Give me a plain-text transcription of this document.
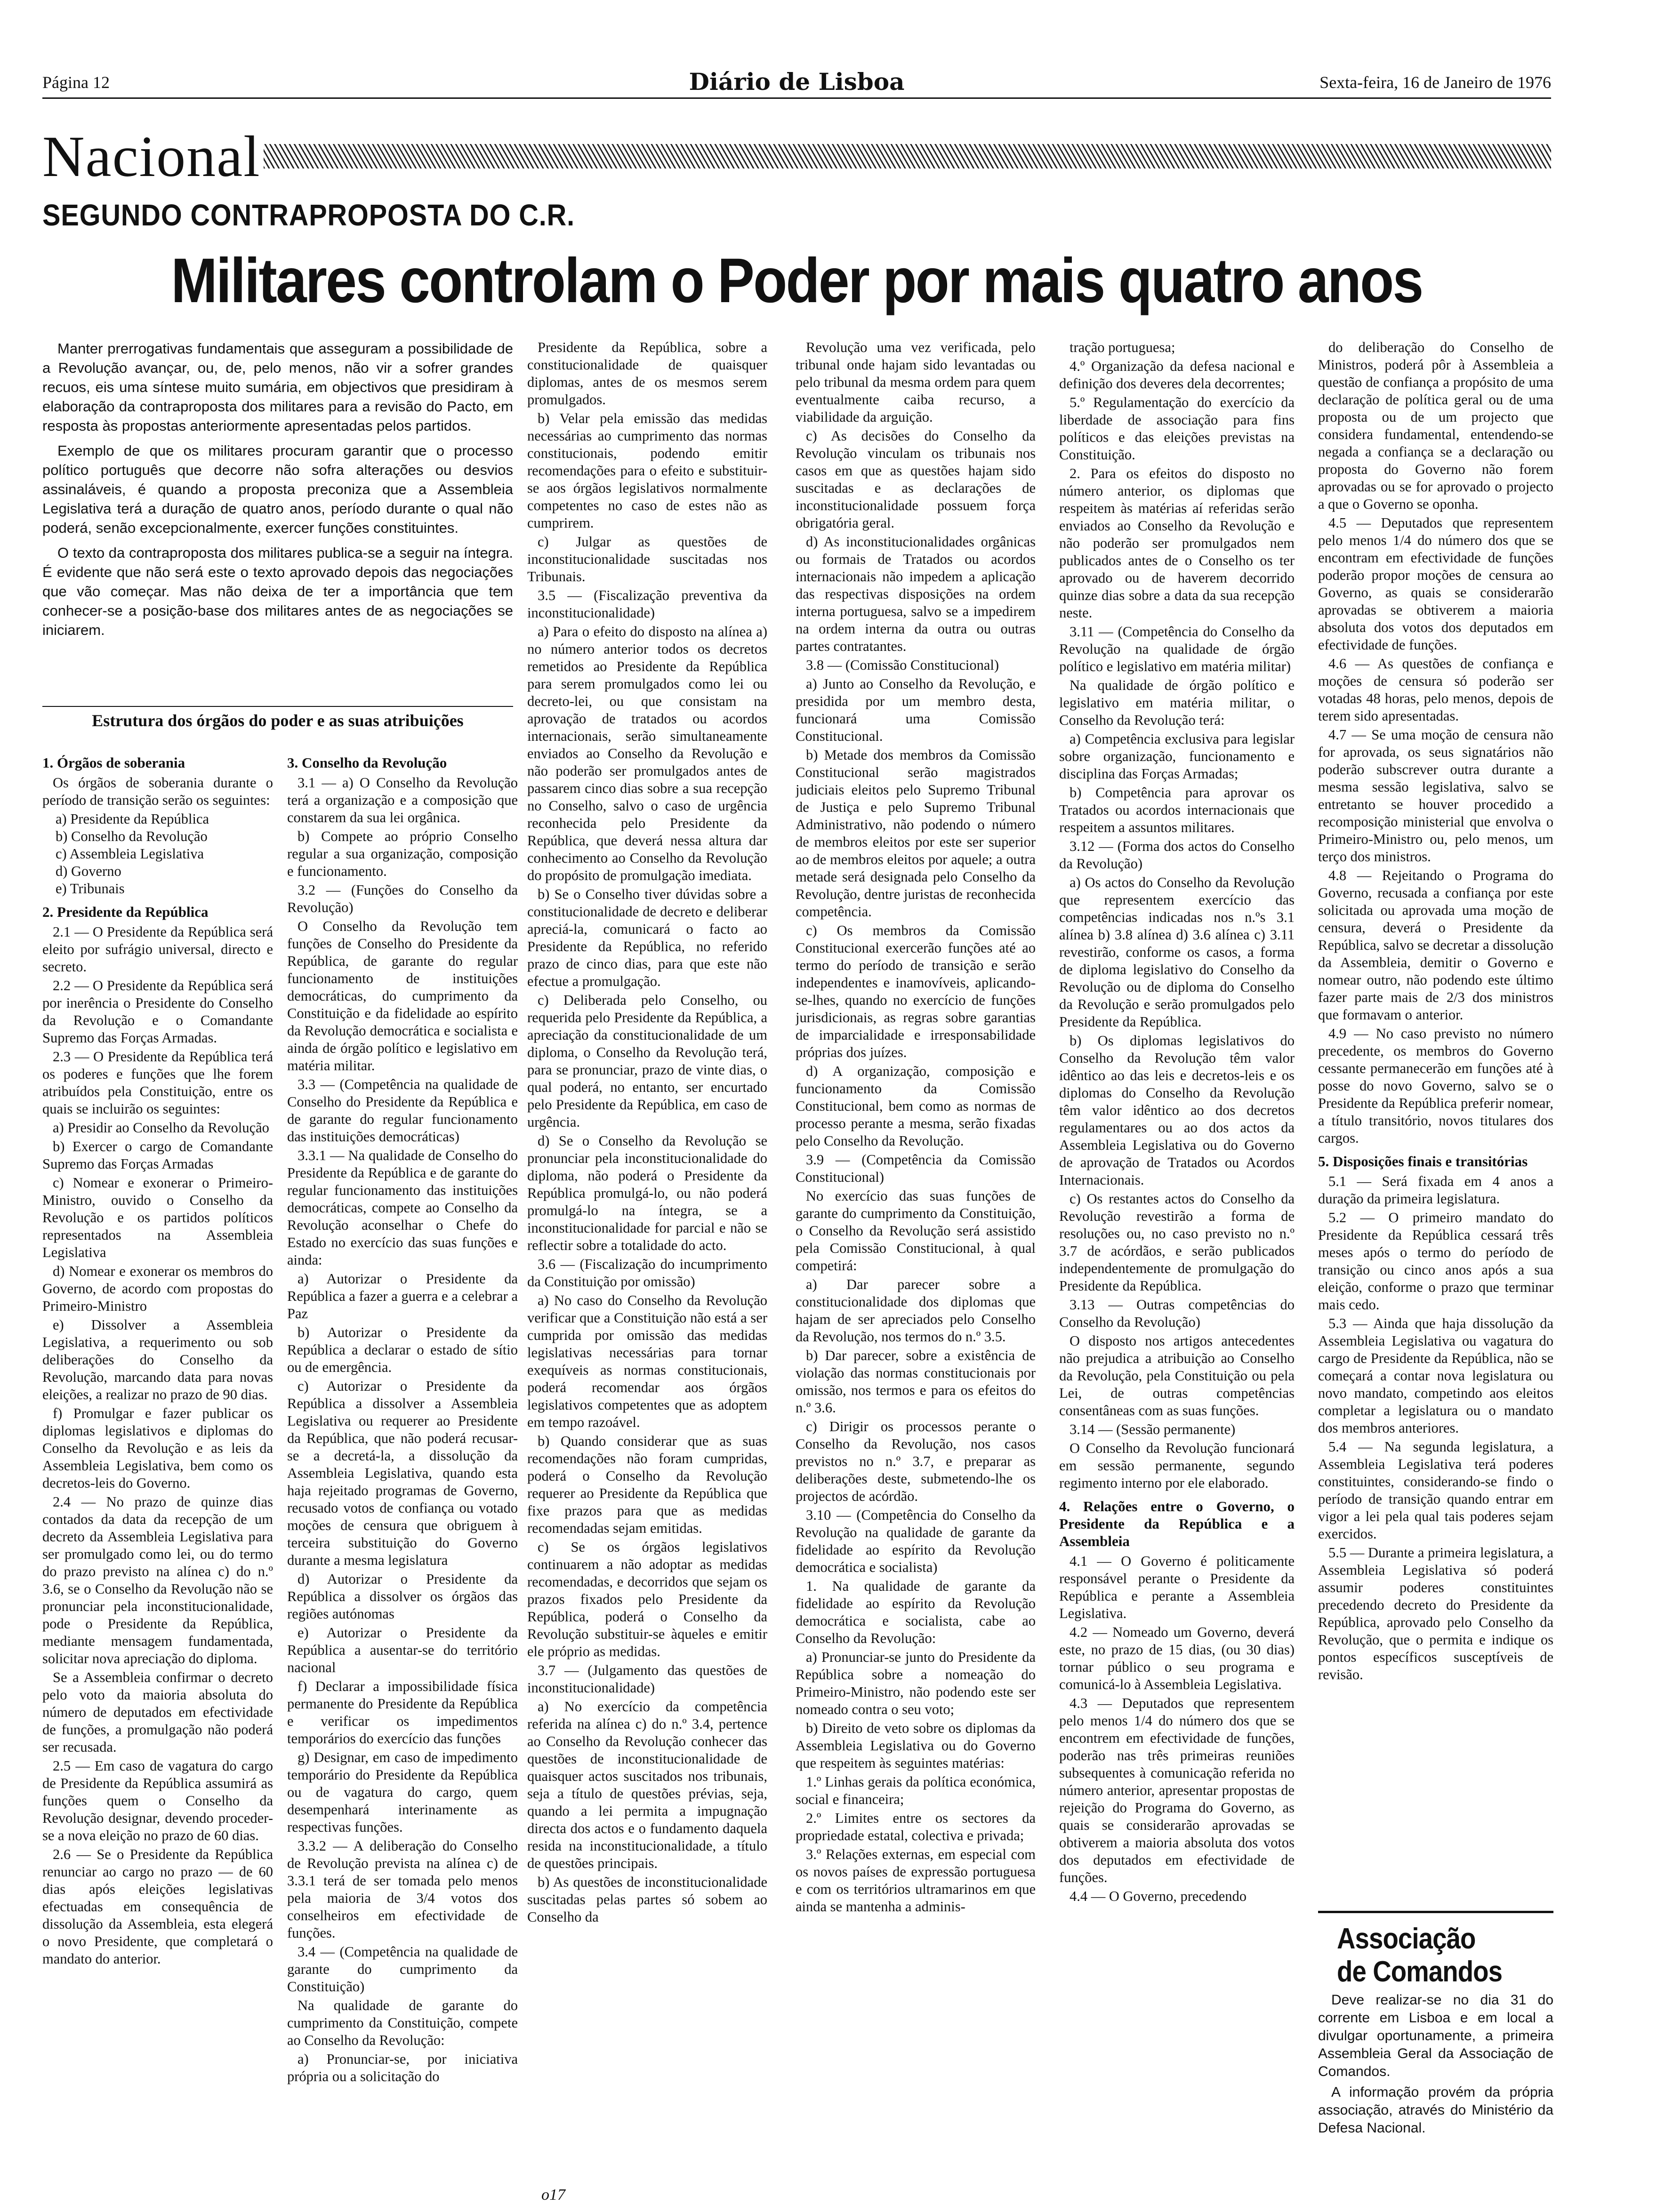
Página 12	Diário de Lisboa	Sexta-feira, 16 de Janeiro de 1976
Nacional
SEGUNDO CONTRAPROPOSTA DO C.R.
Militares controlam o Poder por mais quatro anos

Manter prerrogativas fundamentais que asseguram a possibilidade de a Revolução avançar, ou, de, pelo menos, não vir a sofrer grandes recuos, eis uma síntese muito sumária, em objectivos que presidiram à elaboração da contraproposta dos militares para a revisão do Pacto, em resposta às propostas anteriormente apresentadas pelos partidos.

Exemplo de que os militares procuram garantir que o processo político português que decorre não sofra alterações ou desvios assinaláveis, é quando a proposta preconiza que a Assembleia Legislativa terá a duração de quatro anos, período durante o qual não poderá, senão excepcionalmente, exercer funções constituintes.

O texto da contraproposta dos militares publica-se a seguir na íntegra. É evidente que não será este o texto aprovado depois das negociações que vão começar. Mas não deixa de ter a importância que tem conhecer-se a posição-base dos militares antes de as negociações se iniciarem.

Estrutura dos órgãos do poder e as suas atribuições

1. Órgãos de soberania

Os órgãos de soberania durante o período de transição serão os seguintes:

a) Presidente da República

b) Conselho da Revolução

c) Assembleia Legislativa

d) Governo

e) Tribunais

2. Presidente da República

2.1 — O Presidente da República será eleito por sufrágio universal, directo e secreto.

2.2 — O Presidente da República será por inerência o Presidente do Conselho da Revolução e o Comandante Supremo das Forças Armadas.

2.3 — O Presidente da República terá os poderes e funções que lhe forem atribuídos pela Constituição, entre os quais se incluirão os seguintes:

a) Presidir ao Conselho da Revolução

b) Exercer o cargo de Comandante Supremo das Forças Armadas

c) Nomear e exonerar o Primeiro-Ministro, ouvido o Conselho da Revolução e os partidos políticos representados na Assembleia Legislativa

d) Nomear e exonerar os membros do Governo, de acordo com propostas do Primeiro-Ministro

e) Dissolver a Assembleia Legislativa, a requerimento ou sob deliberações do Conselho da Revolução, marcando data para novas eleições, a realizar no prazo de 90 dias.

f) Promulgar e fazer publicar os diplomas legislativos e diplomas do Conselho da Revolução e as leis da Assembleia Legislativa, bem como os decretos-leis do Governo.

2.4 — No prazo de quinze dias contados da data da recepção de um decreto da Assembleia Legislativa para ser promulgado como lei, ou do termo do prazo previsto na alínea c) do n.º 3.6, se o Conselho da Revolução não se pronunciar pela inconstitucionalidade, pode o Presidente da República, mediante mensagem fundamentada, solicitar nova apreciação do diploma.

Se a Assembleia confirmar o decreto pelo voto da maioria absoluta do número de deputados em efectividade de funções, a promulgação não poderá ser recusada.

2.5 — Em caso de vagatura do cargo de Presidente da República assumirá as funções quem o Conselho da Revolução designar, devendo proceder-se a nova eleição no prazo de 60 dias.

2.6 — Se o Presidente da República renunciar ao cargo no prazo — de 60 dias após eleições legislativas efectuadas em consequência de dissolução da Assembleia, esta elegerá o novo Presidente, que completará o mandato do anterior.

3. Conselho da Revolução

3.1 — a) O Conselho da Revolução terá a organização e a composição que constarem da sua lei orgânica.

b) Compete ao próprio Conselho regular a sua organização, composição e funcionamento.

3.2 — (Funções do Conselho da Revolução)

O Conselho da Revolução tem funções de Conselho do Presidente da República, de garante do regular funcionamento de instituições democráticas, do cumprimento da Constituição e da fidelidade ao espírito da Revolução democrática e socialista e ainda de órgão político e legislativo em matéria militar.

3.3 — (Competência na qualidade de Conselho do Presidente da República e de garante do regular funcionamento das instituições democráticas)

3.3.1 — Na qualidade de Conselho do Presidente da República e de garante do regular funcionamento das instituições democráticas, compete ao Conselho da Revolução aconselhar o Chefe do Estado no exercício das suas funções e ainda:

a) Autorizar o Presidente da República a fazer a guerra e a celebrar a Paz

b) Autorizar o Presidente da República a declarar o estado de sítio ou de emergência.

c) Autorizar o Presidente da República a dissolver a Assembleia Legislativa ou requerer ao Presidente da República, que não poderá recusar-se a decretá-la, a dissolução da Assembleia Legislativa, quando esta haja rejeitado programas de Governo, recusado votos de confiança ou votado moções de censura que obriguem à terceira substituição do Governo durante a mesma legislatura

d) Autorizar o Presidente da República a dissolver os órgãos das regiões autónomas

e) Autorizar o Presidente da República a ausentar-se do território nacional

f) Declarar a impossibilidade física permanente do Presidente da República e verificar os impedimentos temporários do exercício das funções

g) Designar, em caso de impedimento temporário do Presidente da República ou de vagatura do cargo, quem desempenhará interinamente as respectivas funções.

3.3.2 — A deliberação do Conselho de Revolução prevista na alínea c) de 3.3.1 terá de ser tomada pelo menos pela maioria de 3/4 votos dos conselheiros em efectividade de funções.

3.4 — (Competência na qualidade de garante do cumprimento da Constituição)

Na qualidade de garante do cumprimento da Constituição, compete ao Conselho da Revolução:

a) Pronunciar-se, por iniciativa própria ou a solicitação do

Presidente da República, sobre a constitucionalidade de quaisquer diplomas, antes de os mesmos serem promulgados.

b) Velar pela emissão das medidas necessárias ao cumprimento das normas constitucionais, podendo emitir recomendações para o efeito e substituir-se aos órgãos legislativos normalmente competentes no caso de estes não as cumprirem.

c) Julgar as questões de inconstitucionalidade suscitadas nos Tribunais.

3.5 — (Fiscalização preventiva da inconstitucionalidade)

a) Para o efeito do disposto na alínea a) no número anterior todos os decretos remetidos ao Presidente da República para serem promulgados como lei ou decreto-lei, ou que consistam na aprovação de tratados ou acordos internacionais, serão simultaneamente enviados ao Conselho da Revolução e não poderão ser promulgados antes de passarem cinco dias sobre a sua recepção no Conselho, salvo o caso de urgência reconhecida pelo Presidente da República, que deverá nessa altura dar conhecimento ao Conselho da Revolução do propósito de promulgação imediata.

b) Se o Conselho tiver dúvidas sobre a constitucionalidade de decreto e deliberar apreciá-la, comunicará o facto ao Presidente da República, no referido prazo de cinco dias, para que este não efectue a promulgação.

c) Deliberada pelo Conselho, ou requerida pelo Presidente da República, a apreciação da constitucionalidade de um diploma, o Conselho da Revolução terá, para se pronunciar, prazo de vinte dias, o qual poderá, no entanto, ser encurtado pelo Presidente da República, em caso de urgência.

d) Se o Conselho da Revolução se pronunciar pela inconstitucionalidade do diploma, não poderá o Presidente da República promulgá-lo, ou não poderá promulgá-lo na íntegra, se a inconstitucionalidade for parcial e não se reflectir sobre a totalidade do acto.

3.6 — (Fiscalização do incumprimento da Constituição por omissão)

a) No caso do Conselho da Revolução verificar que a Constituição não está a ser cumprida por omissão das medidas legislativas necessárias para tornar exequíveis as normas constitucionais, poderá recomendar aos órgãos legislativos competentes que as adoptem em tempo razoável.

b) Quando considerar que as suas recomendações não foram cumpridas, poderá o Conselho da Revolução requerer ao Presidente da República que fixe prazos para que as medidas recomendadas sejam emitidas.

c) Se os órgãos legislativos continuarem a não adoptar as medidas recomendadas, e decorridos que sejam os prazos fixados pelo Presidente da República, poderá o Conselho da Revolução substituir-se àqueles e emitir ele próprio as medidas.

3.7 — (Julgamento das questões de inconstitucionalidade)

a) No exercício da competência referida na alínea c) do n.º 3.4, pertence ao Conselho da Revolução conhecer das questões de inconstitucionalidade de quaisquer actos suscitados nos tribunais, seja a título de questões prévias, seja, quando a lei permita a impugnação directa dos actos e o fundamento daquela resida na inconstitucionalidade, a título de questões principais.

b) As questões de inconstitucionalidade suscitadas pelas partes só sobem ao Conselho da

Revolução uma vez verificada, pelo tribunal onde hajam sido levantadas ou pelo tribunal da mesma ordem para quem eventualmente caiba recurso, a viabilidade da arguição.

c) As decisões do Conselho da Revolução vinculam os tribunais nos casos em que as questões hajam sido suscitadas e as declarações de inconstitucionalidade possuem força obrigatória geral.

d) As inconstitucionalidades orgânicas ou formais de Tratados ou acordos internacionais não impedem a aplicação das respectivas disposições na ordem interna portuguesa, salvo se a impedirem na ordem interna da outra ou outras partes contratantes.

3.8 — (Comissão Constitucional)

a) Junto ao Conselho da Revolução, e presidida por um membro desta, funcionará uma Comissão Constitucional.

b) Metade dos membros da Comissão Constitucional serão magistrados judiciais eleitos pelo Supremo Tribunal de Justiça e pelo Supremo Tribunal Administrativo, não podendo o número de membros eleitos por este ser superior ao de membros eleitos por aquele; a outra metade será designada pelo Conselho da Revolução, dentre juristas de reconhecida competência.

c) Os membros da Comissão Constitucional exercerão funções até ao termo do período de transição e serão independentes e inamovíveis, aplicando-se-lhes, quando no exercício de funções jurisdicionais, as regras sobre garantias de imparcialidade e irresponsabilidade próprias dos juízes.

d) A organização, composição e funcionamento da Comissão Constitucional, bem como as normas de processo perante a mesma, serão fixadas pelo Conselho da Revolução.

3.9 — (Competência da Comissão Constitucional)

No exercício das suas funções de garante do cumprimento da Constituição, o Conselho da Revolução será assistido pela Comissão Constitucional, à qual competirá:

a) Dar parecer sobre a constitucionalidade dos diplomas que hajam de ser apreciados pelo Conselho da Revolução, nos termos do n.º 3.5.

b) Dar parecer, sobre a existência de violação das normas constitucionais por omissão, nos termos e para os efeitos do n.º 3.6.

c) Dirigir os processos perante o Conselho da Revolução, nos casos previstos no n.º 3.7, e preparar as deliberações deste, submetendo-lhe os projectos de acórdão.

3.10 — (Competência do Conselho da Revolução na qualidade de garante da fidelidade ao espírito da Revolução democrática e socialista)

1. Na qualidade de garante da fidelidade ao espírito da Revolução democrática e socialista, cabe ao Conselho da Revolução:

a) Pronunciar-se junto do Presidente da República sobre a nomeação do Primeiro-Ministro, não podendo este ser nomeado contra o seu voto;

b) Direito de veto sobre os diplomas da Assembleia Legislativa ou do Governo que respeitem às seguintes matérias:

1.º Linhas gerais da política económica, social e financeira;

2.º Limites entre os sectores da propriedade estatal, colectiva e privada;

3.º Relações externas, em especial com os novos países de expressão portuguesa e com os territórios ultramarinos em que ainda se mantenha a adminis-

tração portuguesa;

4.º Organização da defesa nacional e definição dos deveres dela decorrentes;

5.º Regulamentação do exercício da liberdade de associação para fins políticos e das eleições previstas na Constituição.

2. Para os efeitos do disposto no número anterior, os diplomas que respeitem às matérias aí referidas serão enviados ao Conselho da Revolução e não poderão ser promulgados nem publicados antes de o Conselho os ter aprovado ou de haverem decorrido quinze dias sobre a data da sua recepção neste.

3.11 — (Competência do Conselho da Revolução na qualidade de órgão político e legislativo em matéria militar)

Na qualidade de órgão político e legislativo em matéria militar, o Conselho da Revolução terá:

a) Competência exclusiva para legislar sobre organização, funcionamento e disciplina das Forças Armadas;

b) Competência para aprovar os Tratados ou acordos internacionais que respeitem a assuntos militares.

3.12 — (Forma dos actos do Conselho da Revolução)

a) Os actos do Conselho da Revolução que representem exercício das competências indicadas nos n.ºs 3.1 alínea b) 3.8 alínea d) 3.6 alínea c) 3.11 revestirão, conforme os casos, a forma de diploma legislativo do Conselho da Revolução ou de diploma do Conselho da Revolução e serão promulgados pelo Presidente da República.

b) Os diplomas legislativos do Conselho da Revolução têm valor idêntico ao das leis e decretos-leis e os diplomas do Conselho da Revolução têm valor idêntico ao dos decretos regulamentares ou ao dos actos da Assembleia Legislativa ou do Governo de aprovação de Tratados ou Acordos Internacionais.

c) Os restantes actos do Conselho da Revolução revestirão a forma de resoluções ou, no caso previsto no n.º 3.7 de acórdãos, e serão publicados independentemente de promulgação do Presidente da República.

3.13 — Outras competências do Conselho da Revolução)

O disposto nos artigos antecedentes não prejudica a atribuição ao Conselho da Revolução, pela Constituição ou pela Lei, de outras competências consentâneas com as suas funções.

3.14 — (Sessão permanente)

O Conselho da Revolução funcionará em sessão permanente, segundo regimento interno por ele elaborado.

4. Relações entre o Governo, o Presidente da República e a Assembleia

4.1 — O Governo é politicamente responsável perante o Presidente da República e perante a Assembleia Legislativa.

4.2 — Nomeado um Governo, deverá este, no prazo de 15 dias, (ou 30 dias) tornar público o seu programa e comunicá-lo à Assembleia Legislativa.

4.3 — Deputados que representem pelo menos 1/4 do número dos que se encontrem em efectividade de funções, poderão nas três primeiras reuniões subsequentes à comunicação referida no número anterior, apresentar propostas de rejeição do Programa do Governo, as quais se considerarão aprovadas se obtiverem a maioria absoluta dos votos dos deputados em efectividade de funções.

4.4 — O Governo, precedendo

do deliberação do Conselho de Ministros, poderá pôr à Assembleia a questão de confiança a propósito de uma declaração de política geral ou de uma proposta ou de um projecto que considera fundamental, entendendo-se negada a confiança se a declaração ou proposta do Governo não forem aprovadas ou se for aprovado o projecto a que o Governo se oponha.

4.5 — Deputados que representem pelo menos 1/4 do número dos que se encontram em efectividade de funções poderão propor moções de censura ao Governo, as quais se considerarão aprovadas se obtiverem a maioria absoluta dos votos dos deputados em efectividade de funções.

4.6 — As questões de confiança e moções de censura só poderão ser votadas 48 horas, pelo menos, depois de terem sido apresentadas.

4.7 — Se uma moção de censura não for aprovada, os seus signatários não poderão subscrever outra durante a mesma sessão legislativa, salvo se entretanto se houver procedido a recomposição ministerial que envolva o Primeiro-Ministro ou, pelo menos, um terço dos ministros.

4.8 — Rejeitando o Programa do Governo, recusada a confiança por este solicitada ou aprovada uma moção de censura, deverá o Presidente da República, salvo se decretar a dissolução da Assembleia, demitir o Governo e nomear outro, não podendo este último fazer parte mais de 2/3 dos ministros que formavam o anterior.

4.9 — No caso previsto no número precedente, os membros do Governo cessante permanecerão em funções até à posse do novo Governo, salvo se o Presidente da República preferir nomear, a título transitório, novos titulares dos cargos.

5. Disposições finais e transitórias

5.1 — Será fixada em 4 anos a duração da primeira legislatura.

5.2 — O primeiro mandato do Presidente da República cessará três meses após o termo do período de transição ou cinco anos após a sua eleição, conforme o prazo que terminar mais cedo.

5.3 — Ainda que haja dissolução da Assembleia Legislativa ou vagatura do cargo de Presidente da República, não se começará a contar nova legislatura ou novo mandato, competindo aos eleitos completar a legislatura ou o mandato dos membros anteriores.

5.4 — Na segunda legislatura, a Assembleia Legislativa terá poderes constituintes, considerando-se findo o período de transição quando entrar em vigor a lei pela qual tais poderes sejam exercidos.

5.5 — Durante a primeira legislatura, a Assembleia Legislativa só poderá assumir poderes constituintes precedendo decreto do Presidente da República, aprovado pelo Conselho da Revolução, que o permita e indique os pontos específicos susceptíveis de revisão.

Associação
de Comandos

Deve realizar-se no dia 31 do corrente em Lisboa e em local a divulgar oportunamente, a primeira Assembleia Geral da Associação de Comandos.

A informação provém da própria associação, através do Ministério da Defesa Nacional.

o17
